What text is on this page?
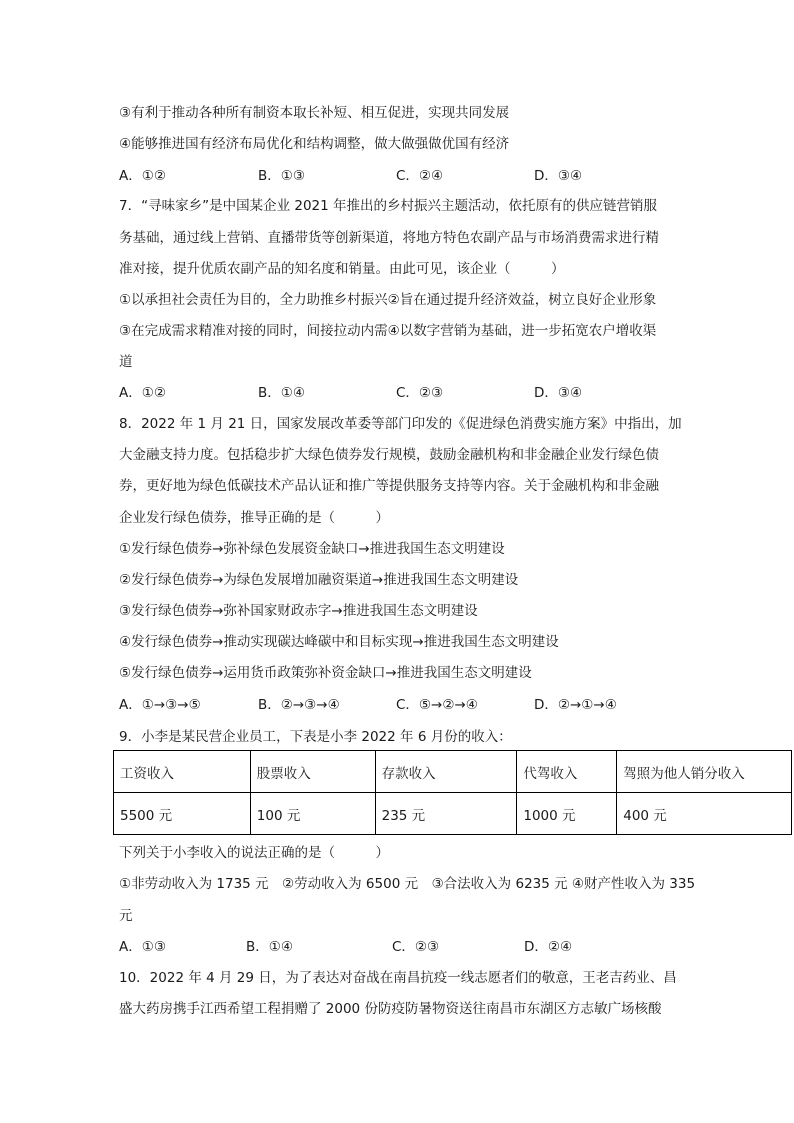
③有利于推动各种所有制资本取长补短、相互促进，实现共同发展
④能够推进国有经济布局优化和结构调整，做大做强做优国有经济
A．①②	B．①③	C．②④	D．③④
7．“寻味家乡”是中国某企业 2021 年推出的乡村振兴主题活动，依托原有的供应链营销服
务基础，通过线上营销、直播带货等创新渠道，将地方特色农副产品与市场消费需求进行精
准对接，提升优质农副产品的知名度和销量。由此可见，该企业（　　　）
①以承担社会责任为目的，全力助推乡村振兴②旨在通过提升经济效益，树立良好企业形象
③在完成需求精准对接的同时，间接拉动内需④以数字营销为基础，进一步拓宽农户增收渠
道
A．①②	B．①④	C．②③	D．③④
8．2022 年 1 月 21 日，国家发展改革委等部门印发的《促进绿色消费实施方案》中指出，加
大金融支持力度。包括稳步扩大绿色债券发行规模，鼓励金融机构和非金融企业发行绿色债
券，更好地为绿色低碳技术产品认证和推广等提供服务支持等内容。关于金融机构和非金融
企业发行绿色债券，推导正确的是（　　　）
①发行绿色债券→弥补绿色发展资金缺口→推进我国生态文明建设
②发行绿色债券→为绿色发展增加融资渠道→推进我国生态文明建设
③发行绿色债券→弥补国家财政赤字→推进我国生态文明建设
④发行绿色债券→推动实现碳达峰碳中和目标实现→推进我国生态文明建设
⑤发行绿色债券→运用货币政策弥补资金缺口→推进我国生态文明建设
A．①→③→⑤	B．②→③→④	C．⑤→②→④	D．②→①→④
9．小李是某民营企业员工，下表是小李 2022 年 6 月份的收入：
工资收入	股票收入	存款收入	代驾收入	驾照为他人销分收入
5500 元	100 元	235 元	1000 元	400 元
下列关于小李收入的说法正确的是（　　　）
①非劳动收入为 1735 元　②劳动收入为 6500 元　③合法收入为 6235 元 ④财产性收入为 335
元
A．①③	B．①④	C．②③	D．②④
10．2022 年 4 月 29 日，为了表达对奋战在南昌抗疫一线志愿者们的敬意，王老吉药业、昌
盛大药房携手江西希望工程捐赠了 2000 份防疫防暑物资送往南昌市东湖区方志敏广场核酸
